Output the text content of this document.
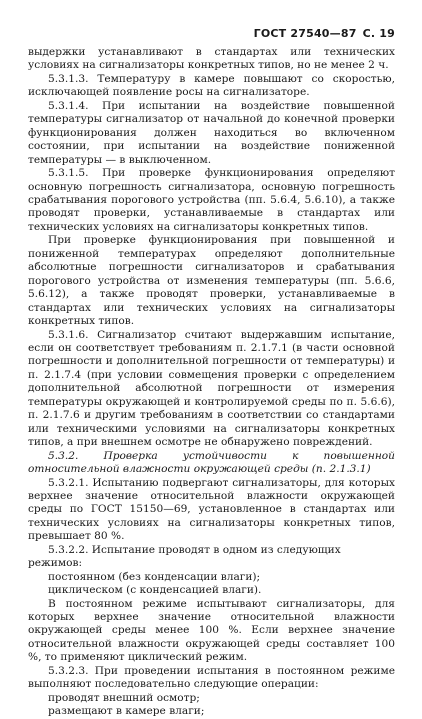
ГОСТ 27540—87 С. 19

выдержки устанавливают в стандартах или технических условиях на сигнализаторы конкретных типов, но не менее 2 ч.

5.3.1.3. Температуру в камере повышают со скоростью, исключающей появление росы на сигнализаторе.

5.3.1.4. При испытании на воздействие повышенной температуры сигнализатор от начальной до конечной проверки функционирования должен находиться во включенном состоянии, при испытании на воздействие пониженной температуры — в выключенном.

5.3.1.5. При проверке функционирования определяют основную погрешность сигнализатора, основную погрешность срабатывания порогового устройства (пп. 5.6.4, 5.6.10), а также проводят проверки, устанавливаемые в стандартах или технических условиях на сигнализаторы конкретных типов.

При проверке функционирования при повышенной и пониженной температурах определяют дополнительные абсолютные погрешности сигнализаторов и срабатывания порогового устройства от изменения температуры (пп. 5.6.6, 5.6.12), а также проводят проверки, устанавливаемые в стандартах или технических условиях на сигнализаторы конкретных типов.

5.3.1.6. Сигнализатор считают выдержавшим испытание, если он соответствует требованиям п. 2.1.7.1 (в части основной погрешности и дополнительной погрешности от температуры) и п. 2.1.7.4 (при условии совмещения проверки с определением дополнительной абсолютной погрешности от измерения температуры окружающей и контролируемой среды по п. 5.6.6), п. 2.1.7.6 и другим требованиям в соответствии со стандартами или техническими условиями на сигнализаторы конкретных типов, а при внешнем осмотре не обнаружено повреждений.

5.3.2. Проверка устойчивости к повышенной относительной влажности окружающей среды (п. 2.1.3.1)

5.3.2.1. Испытанию подвергают сигнализаторы, для которых верхнее значение относительной влажности окружающей среды по ГОСТ 15150—69, установленное в стандартах или технических условиях на сигнализаторы конкретных типов, превышает 80 %.

5.3.2.2. Испытание проводят в одном из следующих режимов:

постоянном (без конденсации влаги);

циклическом (с конденсацией влаги).

В постоянном режиме испытывают сигнализаторы, для которых верхнее значение относительной влажности окружающей среды менее 100 %. Если верхнее значение относительной влажности окружающей среды составляет 100 %, то применяют циклический режим.

5.3.2.3. При проведении испытания в постоянном режиме выполняют последовательно следующие операции:

проводят внешний осмотр;

размещают в камере влаги;
